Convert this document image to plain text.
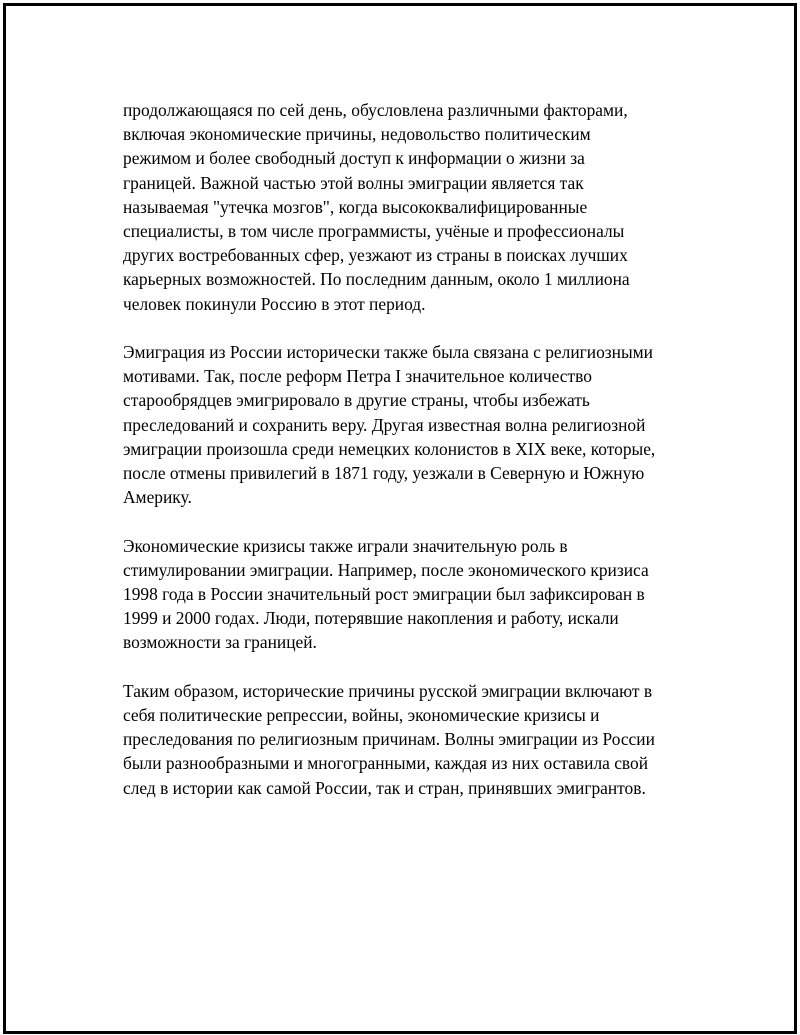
продолжающаяся по сей день, обусловлена различными факторами,
включая экономические причины, недовольство политическим
режимом и более свободный доступ к информации о жизни за
границей. Важной частью этой волны эмиграции является так
называемая "утечка мозгов", когда высококвалифицированные
специалисты, в том числе программисты, учёные и профессионалы
других востребованных сфер, уезжают из страны в поисках лучших
карьерных возможностей. По последним данным, около 1 миллиона
человек покинули Россию в этот период.

Эмиграция из России исторически также была связана с религиозными
мотивами. Так, после реформ Петра I значительное количество
старообрядцев эмигрировало в другие страны, чтобы избежать
преследований и сохранить веру. Другая известная волна религиозной
эмиграции произошла среди немецких колонистов в XIX веке, которые,
после отмены привилегий в 1871 году, уезжали в Северную и Южную
Америку.

Экономические кризисы также играли значительную роль в
стимулировании эмиграции. Например, после экономического кризиса
1998 года в России значительный рост эмиграции был зафиксирован в
1999 и 2000 годах. Люди, потерявшие накопления и работу, искали
возможности за границей.

Таким образом, исторические причины русской эмиграции включают в
себя политические репрессии, войны, экономические кризисы и
преследования по религиозным причинам. Волны эмиграции из России
были разнообразными и многогранными, каждая из них оставила свой
след в истории как самой России, так и стран, принявших эмигрантов.
